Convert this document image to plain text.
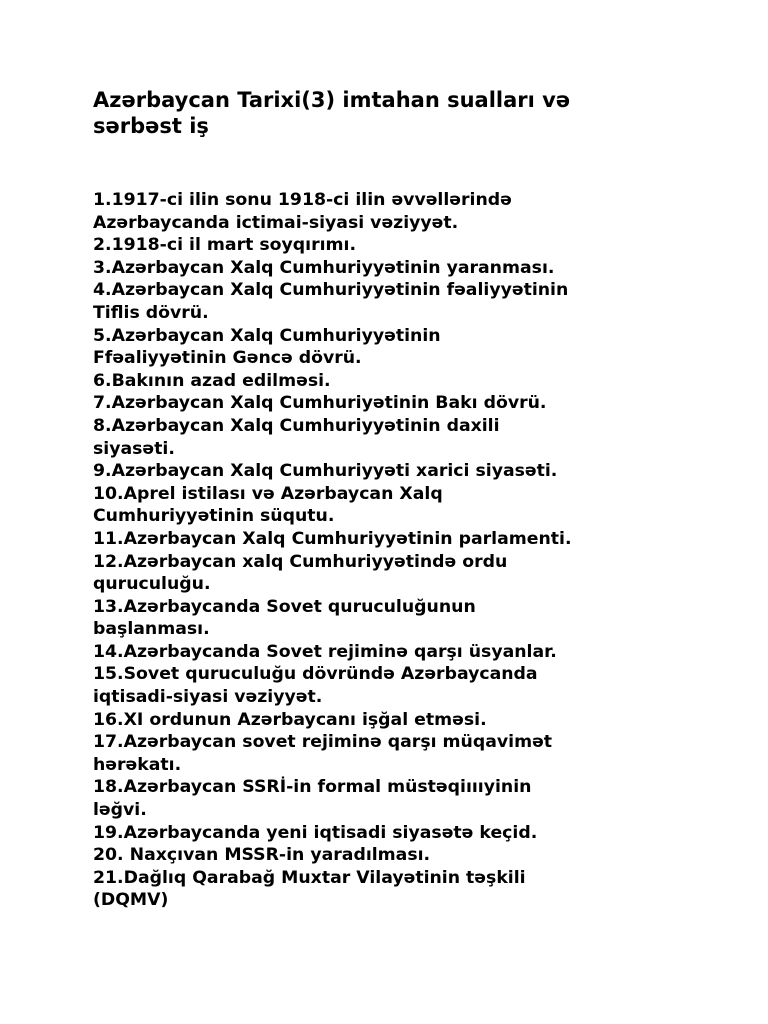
Azərbaycan Tarixi(3) imtahan sualları və
sərbəst iş
1.1917-ci ilin sonu 1918-ci ilin əvvəllərində
Azərbaycanda ictimai-siyasi vəziyyət.
2.1918-ci il mart soyqırımı.
3.Azərbaycan Xalq Cumhuriyyətinin yaranması.
4.Azərbaycan Xalq Cumhuriyyətinin fəaliyyətinin
Tiflis dövrü.
5.Azərbaycan Xalq Cumhuriyyətinin
Ffəaliyyətinin Gəncə dövrü.
6.Bakının azad edilməsi.
7.Azərbaycan Xalq Cumhuriyətinin Bakı dövrü.
8.Azərbaycan Xalq Cumhuriyyətinin daxili
siyasəti.
9.Azərbaycan Xalq Cumhuriyyəti xarici siyasəti.
10.Aprel istilası və Azərbaycan Xalq
Cumhuriyyətinin süqutu.
11.Azərbaycan Xalq Cumhuriyyətinin parlamenti.
12.Azərbaycan xalq Cumhuriyyətində ordu
quruculuğu.
13.Azərbaycanda Sovet quruculuğunun
başlanması.
14.Azərbaycanda Sovet rejiminə qarşı üsyanlar.
15.Sovet quruculuğu dövründə Azərbaycanda
iqtisadi-siyasi vəziyyət.
16.XI ordunun Azərbaycanı işğal etməsi.
17.Azərbaycan sovet rejiminə qarşı müqavimət
hərəkatı.
18.Azərbaycan SSRİ-in formal müstəqiıııyinin
ləğvi.
19.Azərbaycanda yeni iqtisadi siyasətə keçid.
20. Naxçıvan MSSR-in yaradılması.
21.Dağlıq Qarabağ Muxtar Vilayətinin təşkili
(DQMV)
